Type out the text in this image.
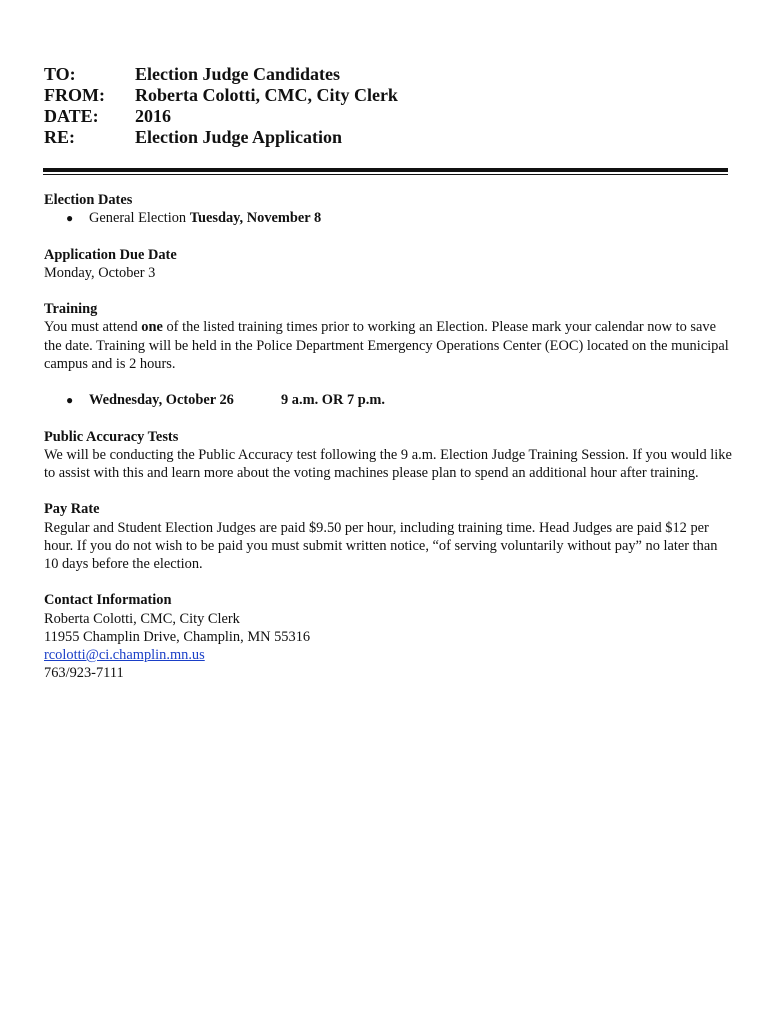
TO:	Election Judge Candidates
FROM:	Roberta Colotti, CMC, City Clerk
DATE:	2016
RE:	Election Judge Application

Election Dates

●	General Election Tuesday, November 8

Application Due Date

Monday, October 3

Training

You must attend one of the listed training times prior to working an Election. Please mark your calendar now to save the date. Training will be held in the Police Department Emergency Operations Center (EOC) located on the municipal campus and is 2 hours.

●	Wednesday, October 26	9 a.m. OR 7 p.m.

Public Accuracy Tests

We will be conducting the Public Accuracy test following the 9 a.m. Election Judge Training Session. If you would like to assist with this and learn more about the voting machines please plan to spend an additional hour after training.

Pay Rate

Regular and Student Election Judges are paid $9.50 per hour, including training time. Head Judges are paid $12 per hour. If you do not wish to be paid you must submit written notice, “of serving voluntarily without pay” no later than 10 days before the election.

Contact Information

Roberta Colotti, CMC, City Clerk

11955 Champlin Drive, Champlin, MN 55316

rcolotti@ci.champlin.mn.us

763/923-7111
